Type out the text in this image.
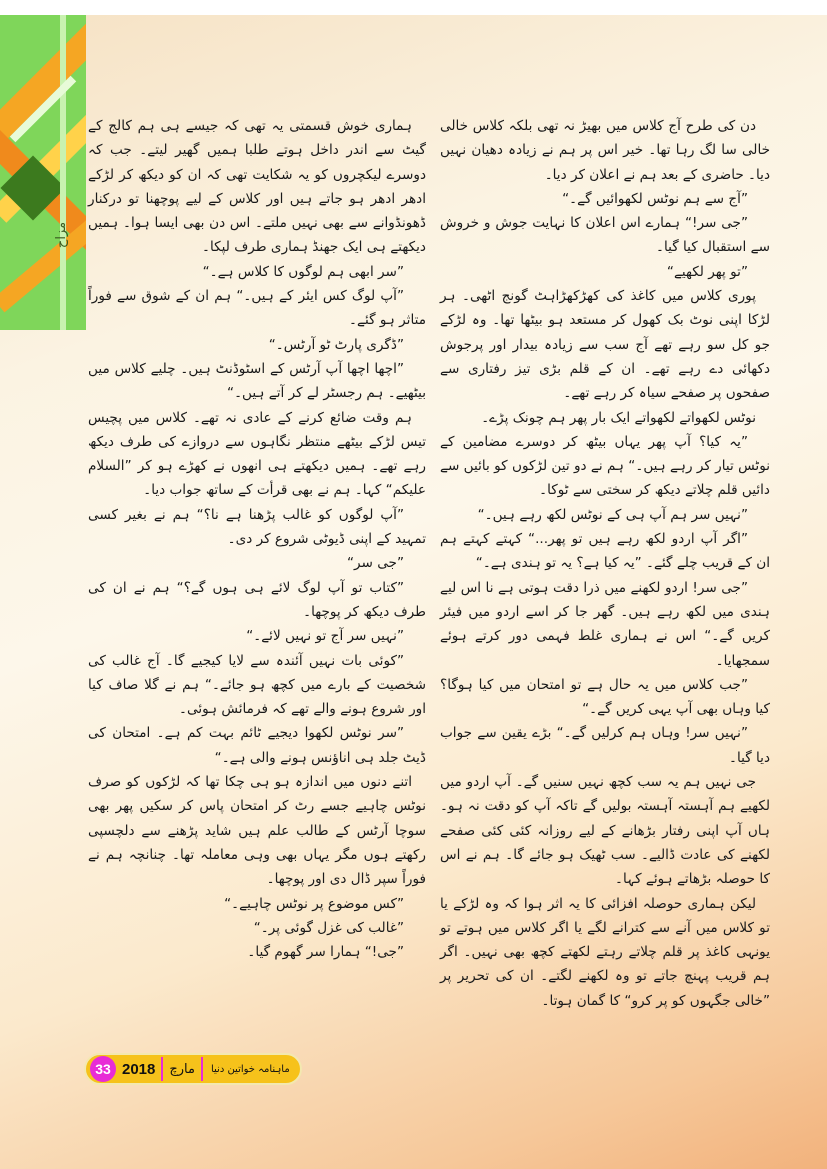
مزاح

دن کی طرح آج کلاس میں بھیڑ نہ تھی بلکہ کلاس خالی خالی سا لگ رہا تھا۔ خیر اس پر ہم نے زیادہ دھیان نہیں دیا۔ حاضری کے بعد ہم نے اعلان کر دیا۔

”آج سے ہم نوٹس لکھوائیں گے۔“

”جی سر!“ ہمارے اس اعلان کا نہایت جوش و خروش سے استقبال کیا گیا۔

”تو پھر لکھیے“

پوری کلاس میں کاغذ کی کھڑکھڑاہٹ گونج اٹھی۔ ہر لڑکا اپنی نوٹ بک کھول کر مستعد ہو بیٹھا تھا۔ وہ لڑکے جو کل سو رہے تھے آج سب سے زیادہ بیدار اور پرجوش دکھائی دے رہے تھے۔ ان کے قلم بڑی تیز رفتاری سے صفحوں پر صفحے سیاہ کر رہے تھے۔

نوٹس لکھواتے لکھواتے ایک بار پھر ہم چونک پڑے۔

”یہ کیا؟ آپ پھر یہاں بیٹھ کر دوسرے مضامین کے نوٹس تیار کر رہے ہیں۔“ ہم نے دو تین لڑکوں کو بائیں سے دائیں قلم چلاتے دیکھ کر سختی سے ٹوکا۔

”نہیں سر ہم آپ ہی کے نوٹس لکھ رہے ہیں۔“

”اگر آپ اردو لکھ رہے ہیں تو پھر...“ کہتے کہتے ہم ان کے قریب چلے گئے۔ ”یہ کیا ہے؟ یہ تو ہندی ہے۔“

”جی سر! اردو لکھنے میں ذرا دقت ہوتی ہے نا اس لیے ہندی میں لکھ رہے ہیں۔ گھر جا کر اسے اردو میں فیئر کریں گے۔“ اس نے ہماری غلط فہمی دور کرتے ہوئے سمجھایا۔

”جب کلاس میں یہ حال ہے تو امتحان میں کیا ہوگا؟ کیا وہاں بھی آپ یہی کریں گے۔“

”نہیں سر! وہاں ہم کرلیں گے۔“ بڑے یقین سے جواب دیا گیا۔

جی نہیں ہم یہ سب کچھ نہیں سنیں گے۔ آپ اردو میں لکھیے ہم آہستہ آہستہ بولیں گے تاکہ آپ کو دقت نہ ہو۔ ہاں آپ اپنی رفتار بڑھانے کے لیے روزانہ کئی کئی صفحے لکھنے کی عادت ڈالیے۔ سب ٹھیک ہو جائے گا۔ ہم نے اس کا حوصلہ بڑھاتے ہوئے کہا۔

لیکن ہماری حوصلہ افزائی کا یہ اثر ہوا کہ وہ لڑکے یا تو کلاس میں آنے سے کترانے لگے یا اگر کلاس میں ہوتے تو یونہی کاغذ پر قلم چلاتے رہتے لکھتے کچھ بھی نہیں۔ اگر ہم قریب پہنچ جاتے تو وہ لکھنے لگتے۔ ان کی تحریر پر ”خالی جگہوں کو پر کرو“ کا گمان ہوتا۔

ہماری خوش قسمتی یہ تھی کہ جیسے ہی ہم کالج کے گیٹ سے اندر داخل ہوتے طلبا ہمیں گھیر لیتے۔ جب کہ دوسرے لیکچروں کو یہ شکایت تھی کہ ان کو دیکھ کر لڑکے ادھر ادھر ہو جاتے ہیں اور کلاس کے لیے پوچھنا تو درکنار ڈھونڈوانے سے بھی نہیں ملتے۔ اس دن بھی ایسا ہوا۔ ہمیں دیکھتے ہی ایک جھنڈ ہماری طرف لپکا۔

”سر ابھی ہم لوگوں کا کلاس ہے۔“

”آپ لوگ کس ایئر کے ہیں۔“ ہم ان کے شوق سے فوراً متاثر ہو گئے۔

”ڈگری پارٹ ٹو آرٹس۔“

”اچھا اچھا آپ آرٹس کے اسٹوڈنٹ ہیں۔ چلیے کلاس میں بیٹھیے۔ ہم رجسٹر لے کر آتے ہیں۔“

ہم وقت ضائع کرنے کے عادی نہ تھے۔ کلاس میں پچیس تیس لڑکے بیٹھے منتظر نگاہوں سے دروازے کی طرف دیکھ رہے تھے۔ ہمیں دیکھتے ہی انھوں نے کھڑے ہو کر ”السلام علیکم“ کہا۔ ہم نے بھی قرأت کے ساتھ جواب دیا۔

”آپ لوگوں کو غالب پڑھنا ہے نا؟“ ہم نے بغیر کسی تمہید کے اپنی ڈیوٹی شروع کر دی۔

”جی سر“

”کتاب تو آپ لوگ لائے ہی ہوں گے؟“ ہم نے ان کی طرف دیکھ کر پوچھا۔

”نہیں سر آج تو نہیں لائے۔“

”کوئی بات نہیں آئندہ سے لایا کیجیے گا۔ آج غالب کی شخصیت کے بارے میں کچھ ہو جائے۔“ ہم نے گلا صاف کیا اور شروع ہونے والے تھے کہ فرمائش ہوئی۔

”سر نوٹس لکھوا دیجیے ٹائم بہت کم ہے۔ امتحان کی ڈیٹ جلد ہی اناؤنس ہونے والی ہے۔“

اتنے دنوں میں اندازہ ہو ہی چکا تھا کہ لڑکوں کو صرف نوٹس چاہیے جسے رٹ کر امتحان پاس کر سکیں پھر بھی سوچا آرٹس کے طالب علم ہیں شاید پڑھنے سے دلچسپی رکھتے ہوں مگر یہاں بھی وہی معاملہ تھا۔ چنانچہ ہم نے فوراً سپر ڈال دی اور پوچھا۔

”کس موضوع پر نوٹس چاہیے۔“

”غالب کی غزل گوئی پر۔“

”جی!“ ہمارا سر گھوم گیا۔

33 2018 مارچ ماہنامہ خواتین دنیا
